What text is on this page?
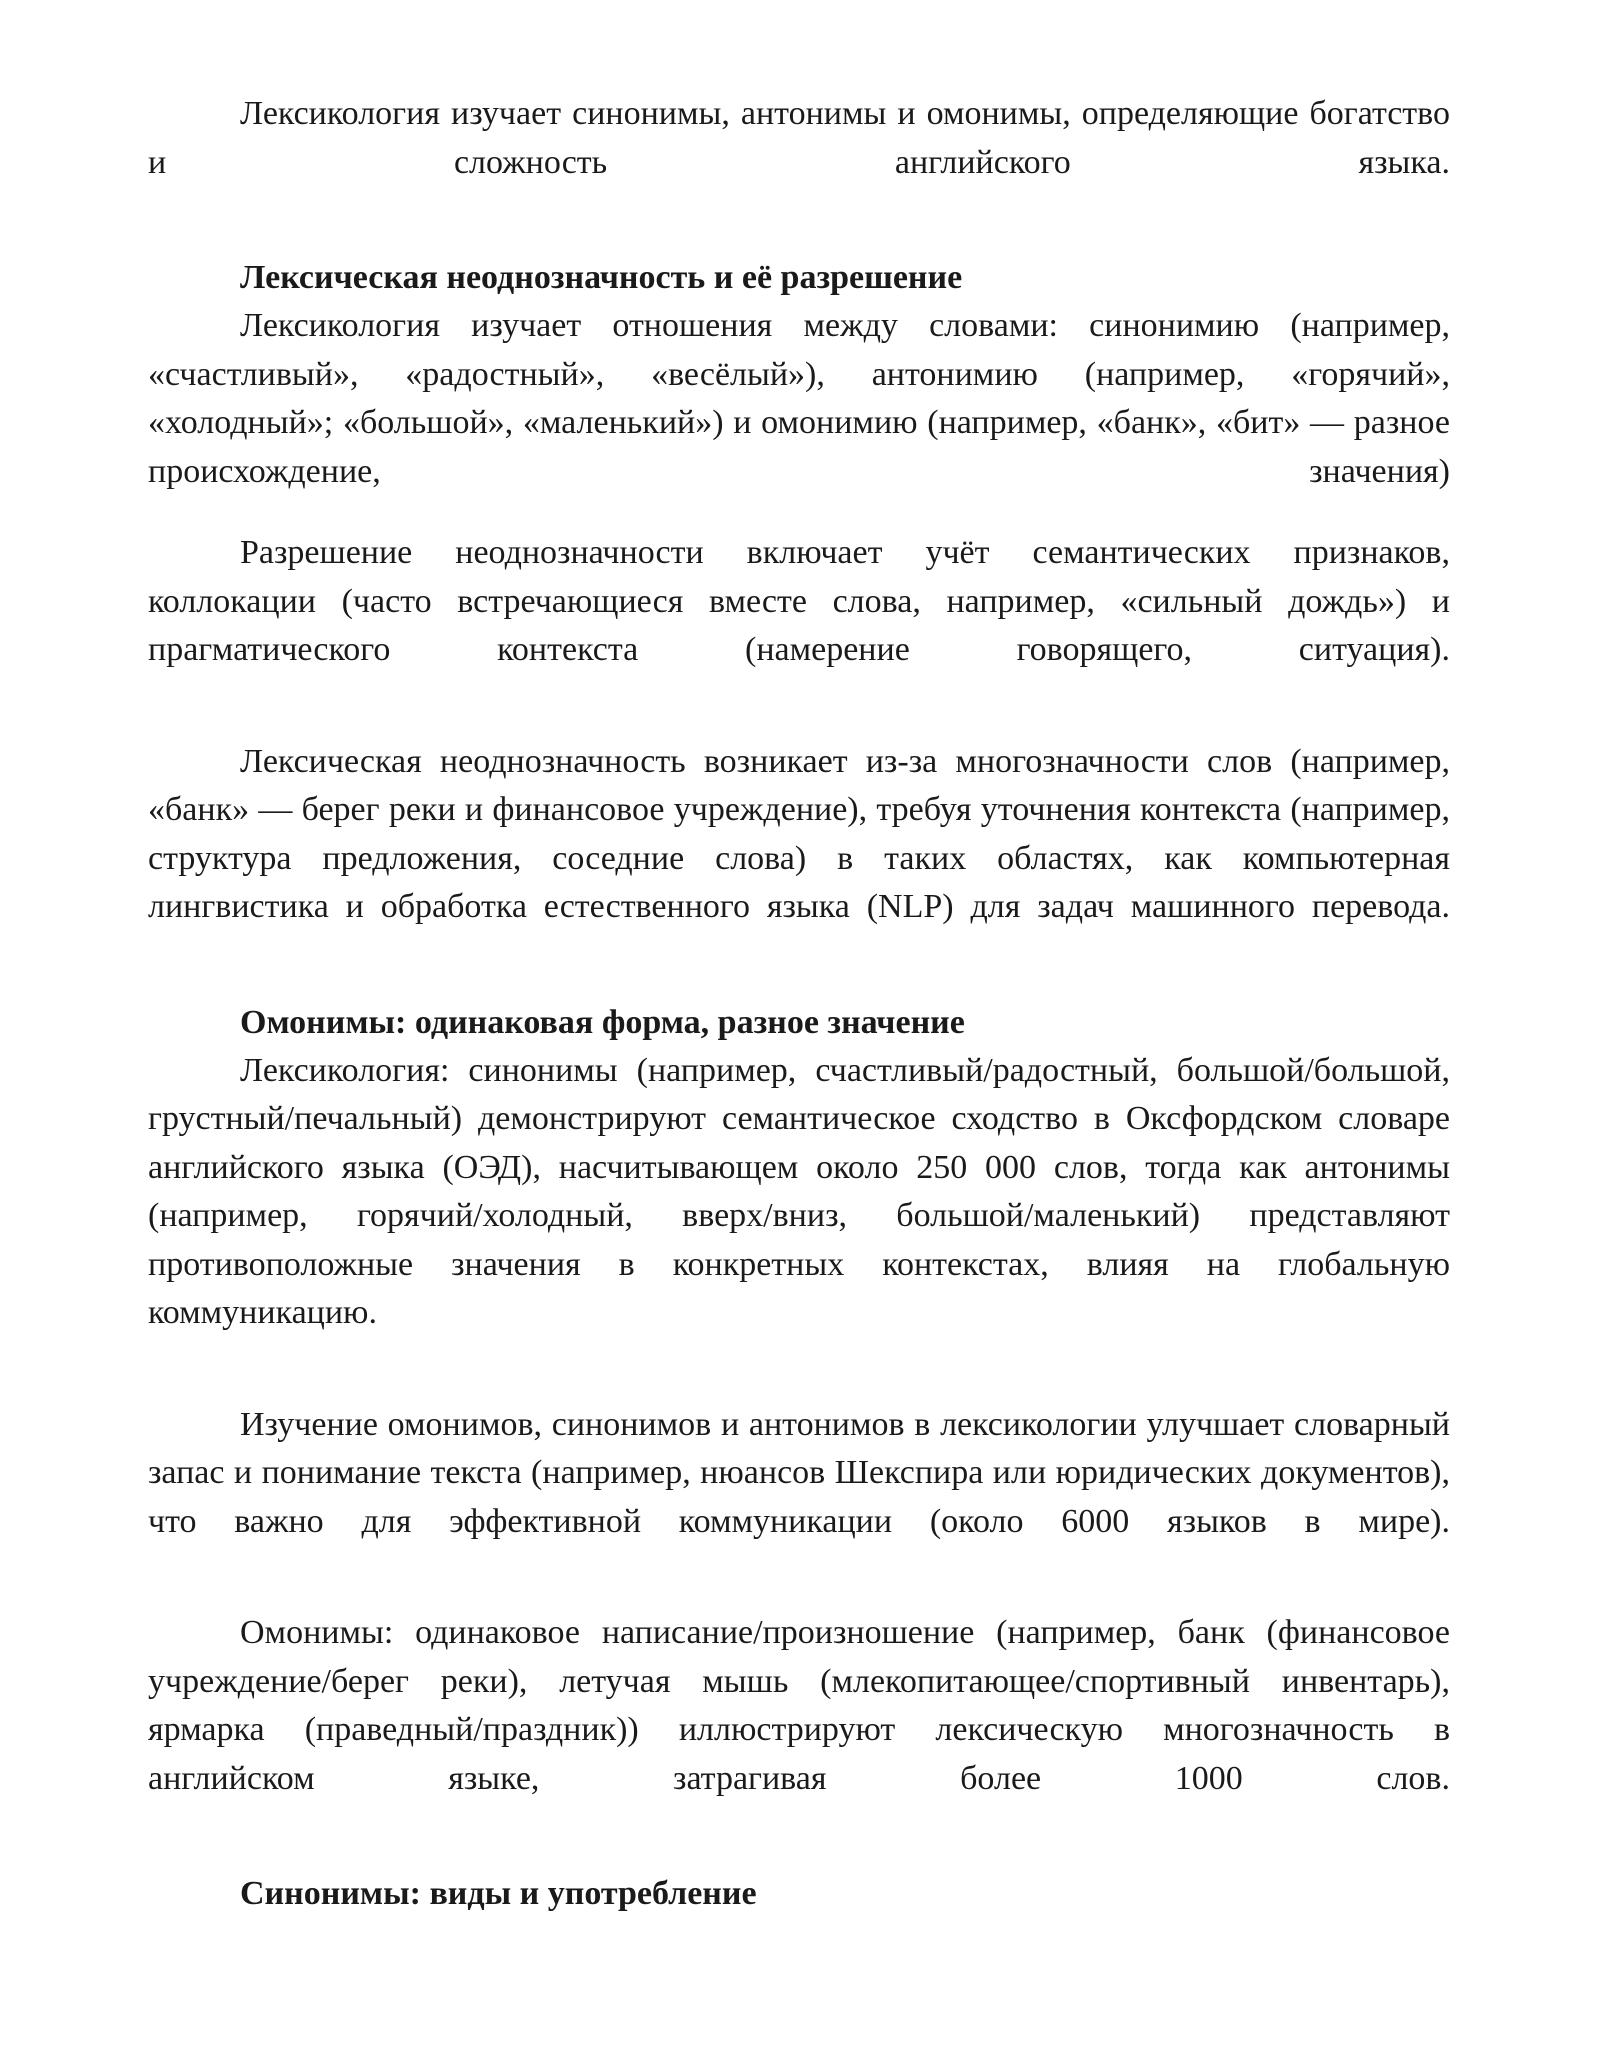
Лексикология изучает синонимы, антонимы и омонимы, определяющие богатство и сложность английского языка.

Лексическая неоднозначность и её разрешение

Лексикология изучает отношения между словами: синонимию (например, «счастливый», «радостный», «весёлый»), антонимию (например, «горячий», «холодный»; «большой», «маленький») и омонимию (например, «банк», «бит» — разное происхождение, значения)

Разрешение неоднозначности включает учёт семантических признаков, коллокации (часто встречающиеся вместе слова, например, «сильный дождь») и прагматического контекста (намерение говорящего, ситуация).

Лексическая неоднозначность возникает из-за многозначности слов (например, «банк» — берег реки и финансовое учреждение), требуя уточнения контекста (например, структура предложения, соседние слова) в таких областях, как компьютерная лингвистика и обработка естественного языка (NLP) для задач машинного перевода.

Омонимы: одинаковая форма, разное значение

Лексикология: синонимы (например, счастливый/радостный, большой/большой, грустный/печальный) демонстрируют семантическое сходство в Оксфордском словаре английского языка (ОЭД), насчитывающем около 250 000 слов, тогда как антонимы (например, горячий/холодный, вверх/вниз, большой/маленький) представляют противоположные значения в конкретных контекстах, влияя на глобальную коммуникацию.

Изучение омонимов, синонимов и антонимов в лексикологии улучшает словарный запас и понимание текста (например, нюансов Шекспира или юридических документов), что важно для эффективной коммуникации (около 6000 языков в мире).

Омонимы: одинаковое написание/произношение (например, банк (финансовое учреждение/берег реки), летучая мышь (млекопитающее/спортивный инвентарь), ярмарка (праведный/праздник)) иллюстрируют лексическую многозначность в английском языке, затрагивая более 1000 слов.

Синонимы: виды и употребление
